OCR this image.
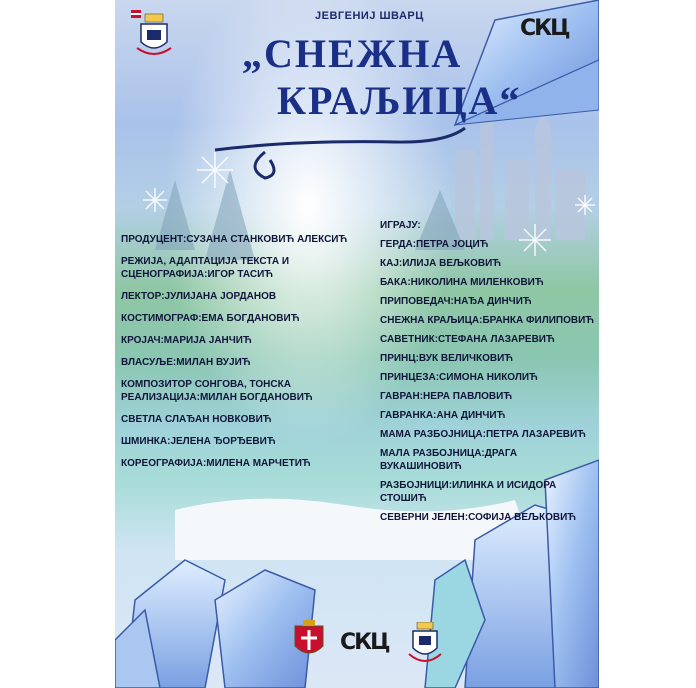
СКЦ
ЈЕВГЕНИЈ ШВАРЦ
„СНЕЖНА
КРАЉИЦА“
ПРОДУЦЕНТ:СУЗАНА СТАНКОВИЋ АЛЕКСИЋ
РЕЖИЈА, АДАПТАЦИЈА ТЕКСТА И СЦЕНОГРАФИЈА:ИГОР ТАСИЋ
ЛЕКТОР:ЈУЛИЈАНА ЈОРДАНОВ
КОСТИМОГРАФ:ЕМА БОГДАНОВИЋ
КРОЈАЧ:МАРИЈА ЈАНЧИЋ
ВЛАСУЉЕ:МИЛАН ВУЈИЋ
КОМПОЗИТОР СОНГОВА, ТОНСКА РЕАЛИЗАЦИЈА:МИЛАН БОГДАНОВИЋ
СВЕТЛА СЛАЂАН НОВКОВИЋ
ШМИНКА:ЈЕЛЕНА ЂОРЂЕВИЋ
КОРЕОГРАФИЈА:МИЛЕНА МАРЧЕТИЋ
ИГРАЈУ:
ГЕРДА:ПЕТРА ЈОЦИЋ
КАЈ:ИЛИЈА ВЕЉКОВИЋ
БАКА:НИКОЛИНА МИЛЕНКОВИЋ
ПРИПОВЕДАЧ:НАЂА ДИНЧИЋ
СНЕЖНА КРАЉИЦА:БРАНКА ФИЛИПОВИЋ
САВЕТНИК:СТЕФАНА ЛАЗАРЕВИЋ
ПРИНЦ:ВУК ВЕЛИЧКОВИЋ
ПРИНЦЕЗА:СИМОНА НИКОЛИЋ
ГАВРАН:НЕРА ПАВЛОВИЋ
ГАВРАНКА:АНА ДИНЧИЋ
МАМА РАЗБОЈНИЦА:ПЕТРА ЛАЗАРЕВИЋ
МАЛА РАЗБОЈНИЦА:ДРАГА ВУКАШИНОВИЋ
РАЗБОЈНИЦИ:ИЛИНКА И ИСИДОРА СТОШИЋ
СЕВЕРНИ ЈЕЛЕН:СОФИЈА ВЕЉКОВИЋ
СКЦ
